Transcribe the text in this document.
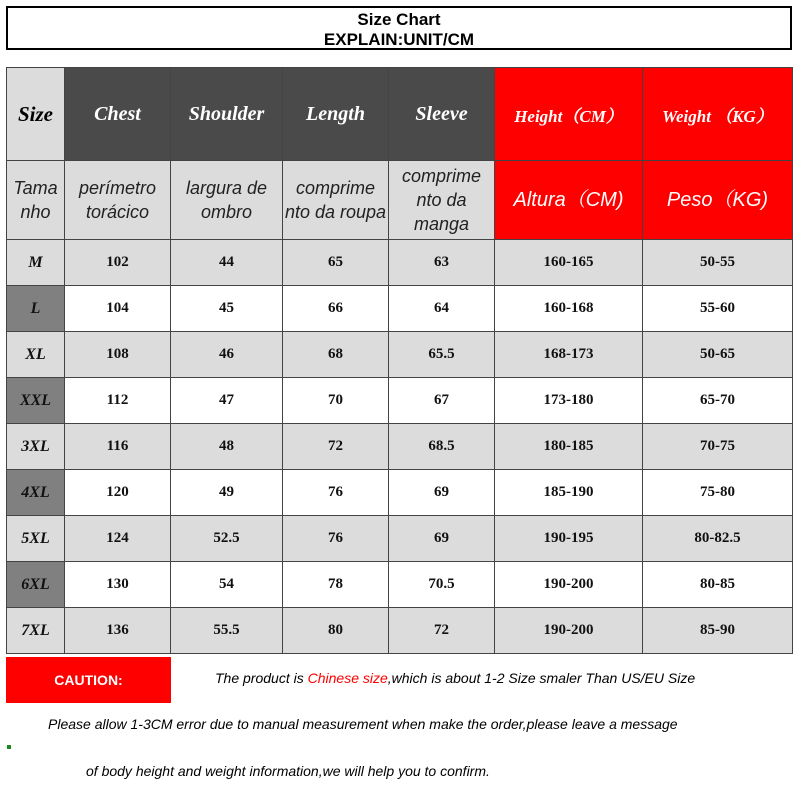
Size Chart
EXPLAIN:UNIT/CM
Size	Chest	Shoulder	Length	Sleeve	Height（CM）	Weight （KG）
Tama nho	perímetro torácico	largura de ombro	comprime nto da roupa	comprime nto da manga	Altura（CM)	Peso（KG)
M	102	44	65	63	160-165	50-55
L	104	45	66	64	160-168	55-60
XL	108	46	68	65.5	168-173	50-65
XXL	112	47	70	67	173-180	65-70
3XL	116	48	72	68.5	180-185	70-75
4XL	120	49	76	69	185-190	75-80
5XL	124	52.5	76	69	190-195	80-82.5
6XL	130	54	78	70.5	190-200	80-85
7XL	136	55.5	80	72	190-200	85-90
CAUTION:	The product is Chinese size,which is about 1-2 Size smaler Than US/EU Size
Please allow 1-3CM error due to manual measurement when make the order,please leave a message
of body height and weight information,we will help you to confirm.
